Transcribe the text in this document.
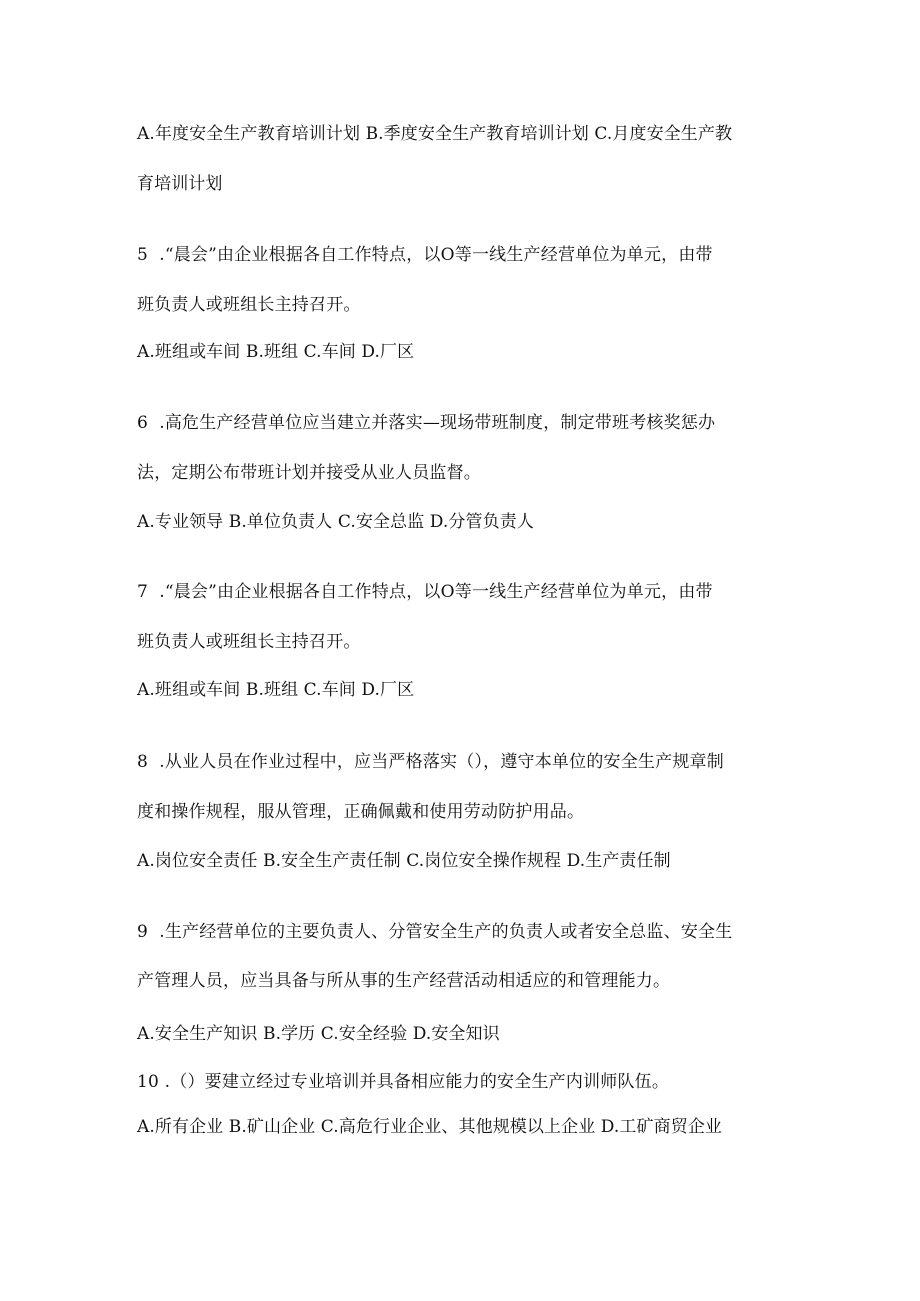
A.年度安全生产教育培训计划 B.季度安全生产教育培训计划 C.月度安全生产教
育培训计划
5  .“晨会”由企业根据各自工作特点，以O等一线生产经营单位为单元，由带
班负责人或班组长主持召开。
A.班组或车间 B.班组 C.车间 D.厂区
6  .高危生产经营单位应当建立并落实—现场带班制度，制定带班考核奖惩办
法，定期公布带班计划并接受从业人员监督。
A.专业领导 B.单位负责人 C.安全总监 D.分管负责人
7  .“晨会”由企业根据各自工作特点，以O等一线生产经营单位为单元，由带
班负责人或班组长主持召开。
A.班组或车间 B.班组 C.车间 D.厂区
8  .从业人员在作业过程中，应当严格落实（），遵守本单位的安全生产规章制
度和操作规程，服从管理，正确佩戴和使用劳动防护用品。
A.岗位安全责任 B.安全生产责任制 C.岗位安全操作规程 D.生产责任制
9  .生产经营单位的主要负责人、分管安全生产的负责人或者安全总监、安全生
产管理人员，应当具备与所从事的生产经营活动相适应的和管理能力。
A.安全生产知识 B.学历 C.安全经验 D.安全知识
10 .（）要建立经过专业培训并具备相应能力的安全生产内训师队伍。
A.所有企业 B.矿山企业 C.高危行业企业、其他规模以上企业 D.工矿商贸企业
